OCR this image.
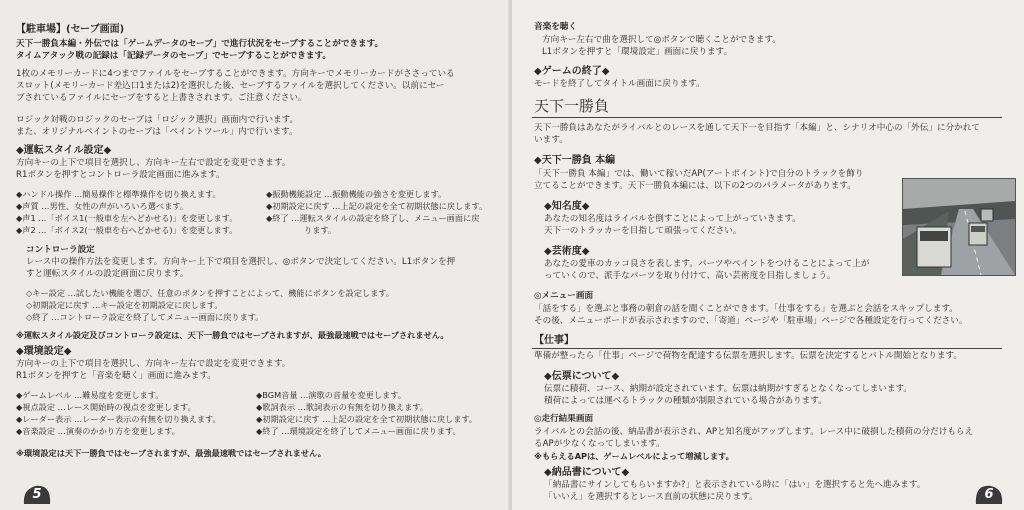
【駐車場】(セーブ画面)
天下一勝負本編・外伝では「ゲームデータのセーブ」で進行状況をセーブすることができます。
タイムアタック戦の記録は「記録データのセーブ」でセーブすることができます。
1枚のメモリーカードに4つまでファイルをセーブすることができます。方向キーでメモリーカードがささっている
スロット(メモリーカード差込口1または2)を選択した後、セーブするファイルを選択してください。以前にセー
ブされているファイルにセーブをすると上書きされます。ご注意ください。
ロジック対戦のロジックのセーブは「ロジック選択」画面内で行います。
また、オリジナルペイントのセーブは「ペイントツール」内で行います。
◆運転スタイル設定◆
方向キーの上下で項目を選択し、方向キー左右で設定を変更できます。
R1ボタンを押すとコントローラ設定画面に進みます。
◆ハンドル操作 …簡易操作と標準操作を切り換えます。
◆声質 …男性、女性の声がいろいろ選べます。
◆声1 …「ボイス1(一般車を左へどかせる)」を変更します。
◆声2 …「ボイス2(一般車を右へどかせる)」を変更します。
◆振動機能設定 …振動機能の強さを変更します。
◆初期設定に戻す …上記の設定を全て初期状態に戻します。
◆終了 …運転スタイルの設定を終了し、メニュー画面に戻
ります。
コントローラ設定
レース中の操作方法を変更します。方向キー上下で項目を選択し、◎ボタンで決定してください。L1ボタンを押
すと運転スタイルの設定画面に戻ります。
◇キー設定 …試したい機能を選び、任意のボタンを押すことによって、機能にボタンを設定します。
◇初期設定に戻す …キー設定を初期設定に戻します。
◇終了 …コントローラ設定を終了してメニュー画面に戻ります。
※運転スタイル設定及びコントローラ設定は、天下一勝負ではセーブされますが、最強最速戦ではセーブされません。
◆環境設定◆
方向キーの上下で項目を選択し、方向キー左右で設定を変更できます。
R1ボタンを押すと「音楽を聴く」画面に進みます。
◆ゲームレベル …難易度を変更します。
◆視点設定 …レース開始時の視点を変更します。
◆レーダー表示 …レーダー表示の有無を切り換えます。
◆音楽設定 …演奏のかかり方を変更します。
◆BGM音量 …演歌の音量を変更します。
◆歌詞表示 …歌詞表示の有無を切り換えます。
◆初期設定に戻す …上記の設定を全て初期状態に戻します。
◆終了 …環境設定を終了してメニュー画面に戻ります。
※環境設定は天下一勝負ではセーブされますが、最強最速戦ではセーブされません。
5
音楽を聴く
方向キー左右で曲を選択して◎ボタンで聴くことができます。
L1ボタンを押すと「環境設定」画面に戻ります。
◆ゲームの終了◆
モードを終了してタイトル画面に戻ります。
天下一勝負
天下一勝負はあなたがライバルとのレースを通して天下一を目指す「本編」と、シナリオ中心の「外伝」に分かれて
います。
◆天下一勝負 本編
「天下一勝負 本編」では、働いて稼いだAP(アートポイント)で自分のトラックを飾り
立てることができます。天下一勝負本編には、以下の2つのパラメータがあります。
◆知名度◆
あなたの知名度はライバルを倒すことによって上がっていきます。
天下一のトラッカーを目指して頑張ってください。
◆芸術度◆
あなたの愛車のカッコ良さを表します。パーツやペイントをつけることによって上が
っていくので、派手なパーツを取り付けて、高い芸術度を目指しましょう。
◎メニュー画面
「話をする」を選ぶと事務の朝倉の話を聞くことができます。「仕事をする」を選ぶと会話をスキップします。
その後、メニューボードが表示されますので、「寄道」ページや「駐車場」ページで各種設定を行ってください。
【仕事】
準備が整ったら「仕事」ページで荷物を配達する伝票を選択します。伝票を決定するとバトル開始となります。
◆伝票について◆
伝票に積荷、コース、納期が設定されています。伝票は納期がすぎるとなくなってしまいます。
積荷によっては運べるトラックの種類が制限されている場合があります。
◎走行結果画面
ライバルとの会話の後、納品書が表示され、APと知名度がアップします。レース中に破損した積荷の分だけもらえ
るAPが少なくなってしまいます。
※もらえるAPは、ゲームレベルによって増減します。
◆納品書について◆
「納品書にサインしてもらいますか?」と表示されている時に「はい」を選択すると先へ進みます。
「いいえ」を選択するとレース直前の状態に戻ります。	6
